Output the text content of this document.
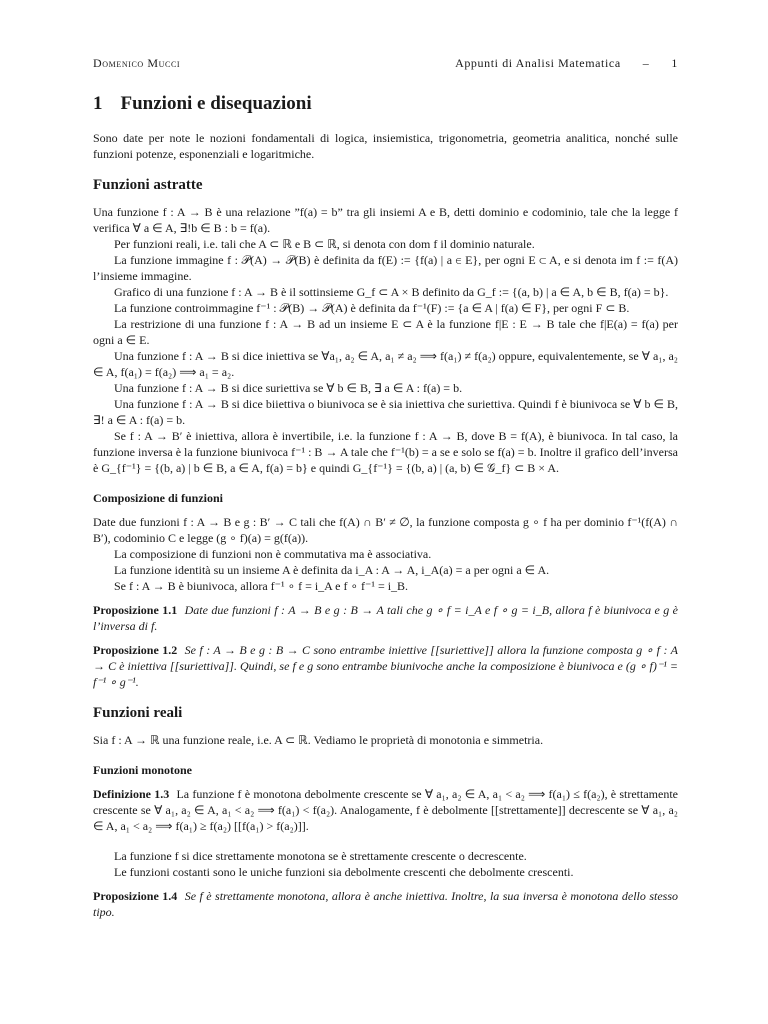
Domenico Mucci	Appunti di Analisi Matematica – 1
1 Funzioni e disequazioni

Sono date per note le nozioni fondamentali di logica, insiemistica, trigonometria, geometria analitica, nonché sulle funzioni potenze, esponenziali e logaritmiche.

Funzioni astratte

Una funzione f : A → B è una relazione ”f(a) = b” tra gli insiemi A e B, detti dominio e codominio, tale che la legge f verifica ∀ a ∈ A, ∃!b ∈ B : b = f(a).

Per funzioni reali, i.e. tali che A ⊂ ℝ e B ⊂ ℝ, si denota con dom f il dominio naturale.

La funzione immagine f : 𝒫(A) → 𝒫(B) è definita da f(E) := {f(a) | a ∈ E}, per ogni E ⊂ A, e si denota im f := f(A) l’insieme immagine.

Grafico di una funzione f : A → B è il sottinsieme G_f ⊂ A × B definito da G_f := {(a, b) | a ∈ A, b ∈ B, f(a) = b}.

La funzione controimmagine f⁻¹ : 𝒫(B) → 𝒫(A) è definita da f⁻¹(F) := {a ∈ A | f(a) ∈ F}, per ogni F ⊂ B.

La restrizione di una funzione f : A → B ad un insieme E ⊂ A è la funzione f|E : E → B tale che f|E(a) = f(a) per ogni a ∈ E.

Una funzione f : A → B si dice iniettiva se ∀a₁, a₂ ∈ A, a₁ ≠ a₂ ⟹ f(a₁) ≠ f(a₂) oppure, equivalentemente, se ∀ a₁, a₂ ∈ A, f(a₁) = f(a₂) ⟹ a₁ = a₂.

Una funzione f : A → B si dice suriettiva se ∀ b ∈ B, ∃ a ∈ A : f(a) = b.

Una funzione f : A → B si dice biiettiva o biunivoca se è sia iniettiva che suriettiva. Quindi f è biunivoca se ∀ b ∈ B, ∃! a ∈ A : f(a) = b.

Se f : A → B′ è iniettiva, allora è invertibile, i.e. la funzione f : A → B, dove B = f(A), è biunivoca. In tal caso, la funzione inversa è la funzione biunivoca f⁻¹ : B → A tale che f⁻¹(b) = a se e solo se f(a) = b. Inoltre il grafico dell’inversa è G_{f⁻¹} = {(b, a) | b ∈ B, a ∈ A, f(a) = b} e quindi G_{f⁻¹} = {(b, a) | (a, b) ∈ 𝒢_f} ⊂ B × A.

Composizione di funzioni

Date due funzioni f : A → B e g : B′ → C tali che f(A) ∩ B′ ≠ ∅, la funzione composta g ∘ f ha per dominio f⁻¹(f(A) ∩ B′), codominio C e legge (g ∘ f)(a) = g(f(a)).

La composizione di funzioni non è commutativa ma è associativa.

La funzione identità su un insieme A è definita da i_A : A → A, i_A(a) = a per ogni a ∈ A.

Se f : A → B è biunivoca, allora f⁻¹ ∘ f = i_A e f ∘ f⁻¹ = i_B.

Proposizione 1.1 Date due funzioni f : A → B e g : B → A tali che g ∘ f = i_A e f ∘ g = i_B, allora f è biunivoca e g è l’inversa di f.

Proposizione 1.2 Se f : A → B e g : B → C sono entrambe iniettive [[suriettive]] allora la funzione composta g ∘ f : A → C è iniettiva [[suriettiva]]. Quindi, se f e g sono entrambe biunivoche anche la composizione è biunivoca e (g ∘ f)⁻¹ = f⁻¹ ∘ g⁻¹.

Funzioni reali

Sia f : A → ℝ una funzione reale, i.e. A ⊂ ℝ. Vediamo le proprietà di monotonia e simmetria.

Funzioni monotone

Definizione 1.3 La funzione f è monotona debolmente crescente se ∀ a₁, a₂ ∈ A, a₁ < a₂ ⟹ f(a₁) ≤ f(a₂), è strettamente crescente se ∀ a₁, a₂ ∈ A, a₁ < a₂ ⟹ f(a₁) < f(a₂). Analogamente, f è debolmente [[strettamente]] decrescente se ∀ a₁, a₂ ∈ A, a₁ < a₂ ⟹ f(a₁) ≥ f(a₂) [[f(a₁) > f(a₂)]].

La funzione f si dice strettamente monotona se è strettamente crescente o decrescente.

Le funzioni costanti sono le uniche funzioni sia debolmente crescenti che debolmente crescenti.

Proposizione 1.4 Se f è strettamente monotona, allora è anche iniettiva. Inoltre, la sua inversa è monotona dello stesso tipo.
